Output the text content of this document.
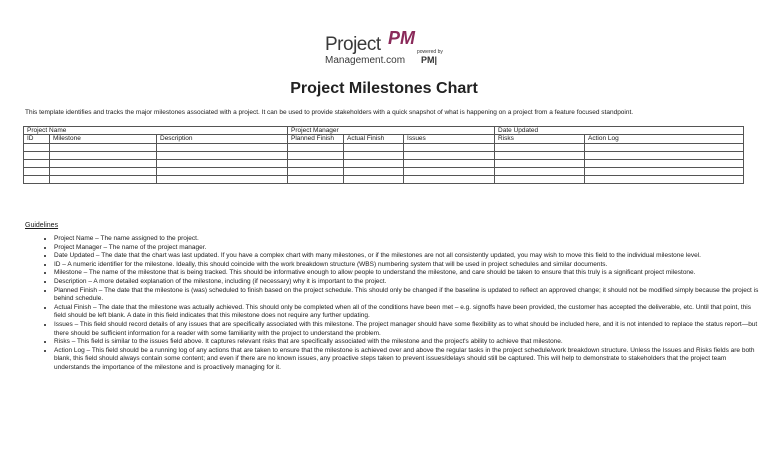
Project PM
Management.com
powered by
PM|
Project Milestones Chart
This template identifies and tracks the major milestones associated with a project. It can be used to provide stakeholders with a quick snapshot of what is happening on a project from a feature focused standpoint.
Project Name			Project Manager			Date Updated	
ID	Milestone	Description	Planned Finish	Actual Finish	Issues	Risks	Action Log

Guidelines
• Project Name – The name assigned to the project.
• Project Manager – The name of the project manager.
• Date Updated – The date that the chart was last updated. If you have a complex chart with many milestones, or if the milestones are not all consistently updated, you may wish to move this field to the individual milestone level.
• ID – A numeric identifier for the milestone. Ideally, this should coincide with the work breakdown structure (WBS) numbering system that will be used in project schedules and similar documents.
• Milestone – The name of the milestone that is being tracked. This should be informative enough to allow people to understand the milestone, and care should be taken to ensure that this truly is a significant project milestone.
• Description – A more detailed explanation of the milestone, including (if necessary) why it is important to the project.
• Planned Finish – The date that the milestone is (was) scheduled to finish based on the project schedule. This should only be changed if the baseline is updated to reflect an approved change; it should not be modified simply because the project is behind schedule.
• Actual Finish – The date that the milestone was actually achieved. This should only be completed when all of the conditions have been met – e.g. signoffs have been provided, the customer has accepted the deliverable, etc. Until that point, this field should be left blank. A date in this field indicates that this milestone does not require any further updating.
• Issues – This field should record details of any issues that are specifically associated with this milestone. The project manager should have some flexibility as to what should be included here, and it is not intended to replace the status report—but there should be sufficient information for a reader with some familiarity with the project to understand the problem.
• Risks – This field is similar to the issues field above. It captures relevant risks that are specifically associated with the milestone and the project's ability to achieve that milestone.
• Action Log – This field should be a running log of any actions that are taken to ensure that the milestone is achieved over and above the regular tasks in the project schedule/work breakdown structure. Unless the Issues and Risks fields are both blank, this field should always contain some content; and even if there are no known issues, any proactive steps taken to prevent issues/delays should still be captured. This will help to demonstrate to stakeholders that the project team understands the importance of the milestone and is proactively managing for it.
